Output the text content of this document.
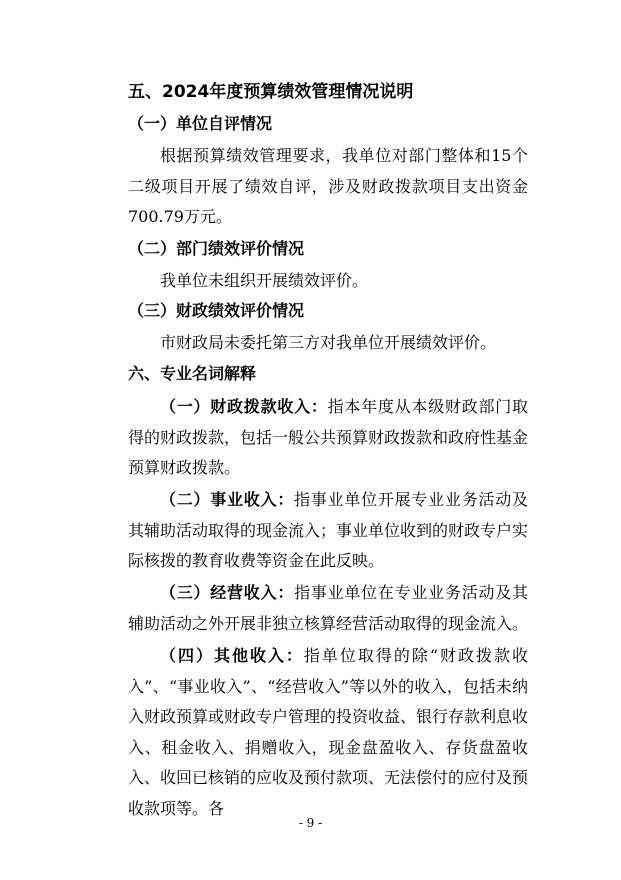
五、2024年度预算绩效管理情况说明
（一）单位自评情况
根据预算绩效管理要求，我单位对部门整体和15个二级项目开展了绩效自评，涉及财政拨款项目支出资金700.79万元。
（二）部门绩效评价情况
我单位未组织开展绩效评价。
（三）财政绩效评价情况
市财政局未委托第三方对我单位开展绩效评价。
六、专业名词解释
（一）财政拨款收入：指本年度从本级财政部门取得的财政拨款，包括一般公共预算财政拨款和政府性基金预算财政拨款。
（二）事业收入：指事业单位开展专业业务活动及其辅助活动取得的现金流入；事业单位收到的财政专户实际核拨的教育收费等资金在此反映。
（三）经营收入：指事业单位在专业业务活动及其辅助活动之外开展非独立核算经营活动取得的现金流入。
（四）其他收入：指单位取得的除“财政拨款收入”、“事业收入”、“经营收入”等以外的收入，包括未纳入财政预算或财政专户管理的投资收益、银行存款利息收入、租金收入、捐赠收入，现金盘盈收入、存货盘盈收入、收回已核销的应收及预付款项、无法偿付的应付及预收款项等。各
- 9 -
